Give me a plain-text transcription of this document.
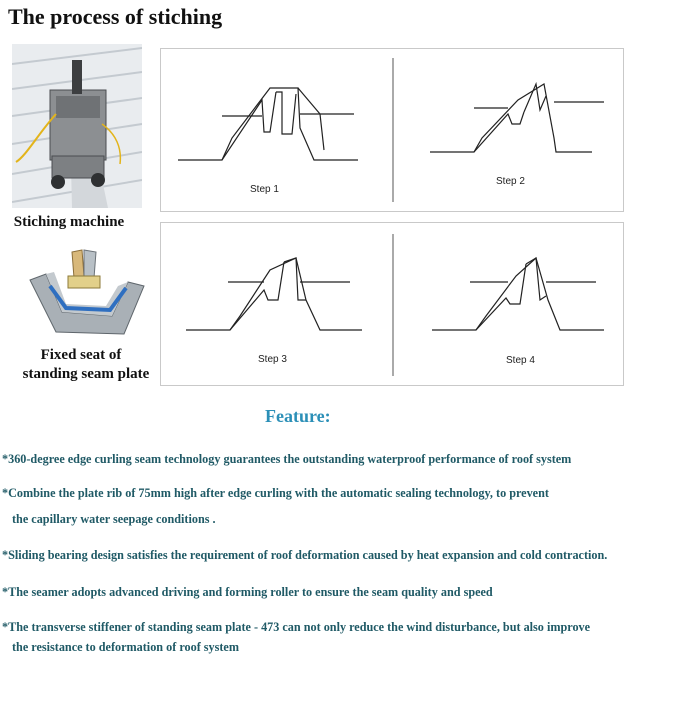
The process of stiching
Stiching machine
Fixed seat of
standing seam plate
Step 1
Step 2
Step 3	Step 4
Feature:
*360-degree edge curling seam technology guarantees the outstanding waterproof performance of roof system
*Combine the plate rib of 75mm high after edge curling with the automatic sealing technology, to prevent
the capillary water seepage conditions .
*Sliding bearing design satisfies the requirement of roof deformation caused by heat expansion and cold contraction.
*The seamer adopts advanced driving and forming roller to ensure the seam quality and speed
*The transverse stiffener of standing seam plate - 473 can not only reduce the wind disturbance, but also improve
the resistance to deformation of roof system
